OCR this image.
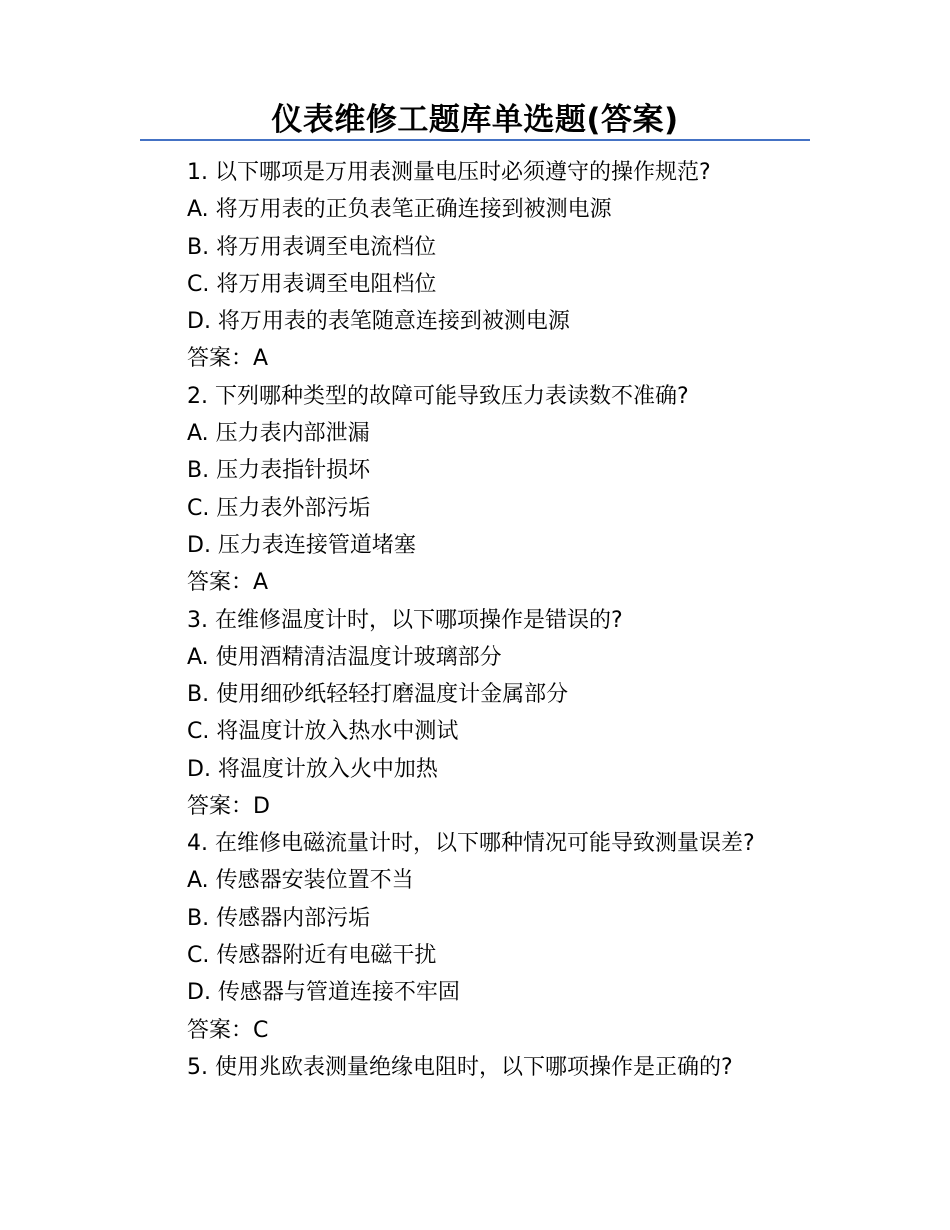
仪表维修工题库单选题(答案)
1. 以下哪项是万用表测量电压时必须遵守的操作规范?
A. 将万用表的正负表笔正确连接到被测电源
B. 将万用表调至电流档位
C. 将万用表调至电阻档位
D. 将万用表的表笔随意连接到被测电源
答案：A
2. 下列哪种类型的故障可能导致压力表读数不准确?
A. 压力表内部泄漏
B. 压力表指针损坏
C. 压力表外部污垢
D. 压力表连接管道堵塞
答案：A
3. 在维修温度计时，以下哪项操作是错误的?
A. 使用酒精清洁温度计玻璃部分
B. 使用细砂纸轻轻打磨温度计金属部分
C. 将温度计放入热水中测试
D. 将温度计放入火中加热
答案：D
4. 在维修电磁流量计时，以下哪种情况可能导致测量误差?
A. 传感器安装位置不当
B. 传感器内部污垢
C. 传感器附近有电磁干扰
D. 传感器与管道连接不牢固
答案：C
5. 使用兆欧表测量绝缘电阻时，以下哪项操作是正确的?
